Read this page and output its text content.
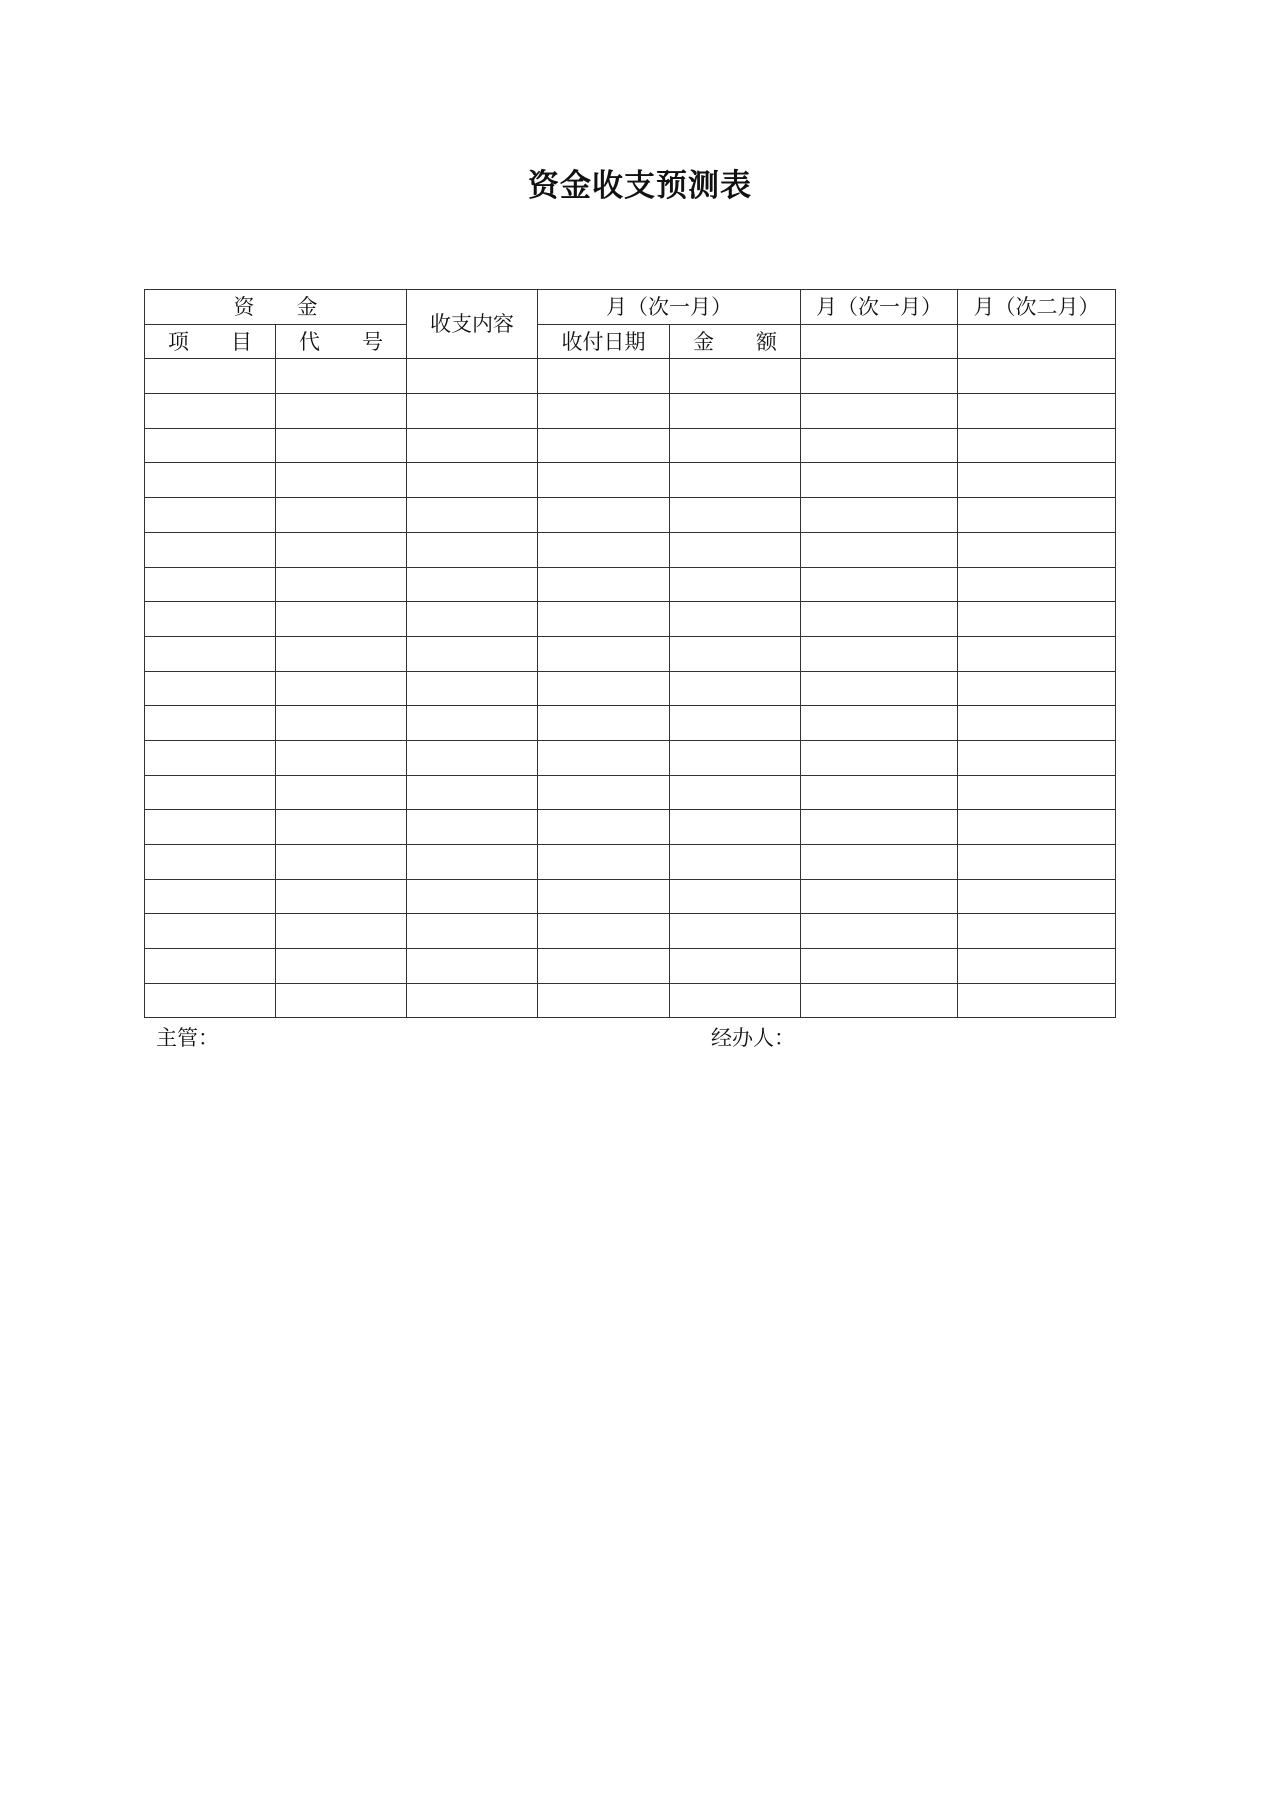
资金收支预测表
资　　金		收支内容	月（次一月）		月（次一月）	月（次二月）
项　　目	代　　号		收付日期	金　　额		

主管：	经办人：
